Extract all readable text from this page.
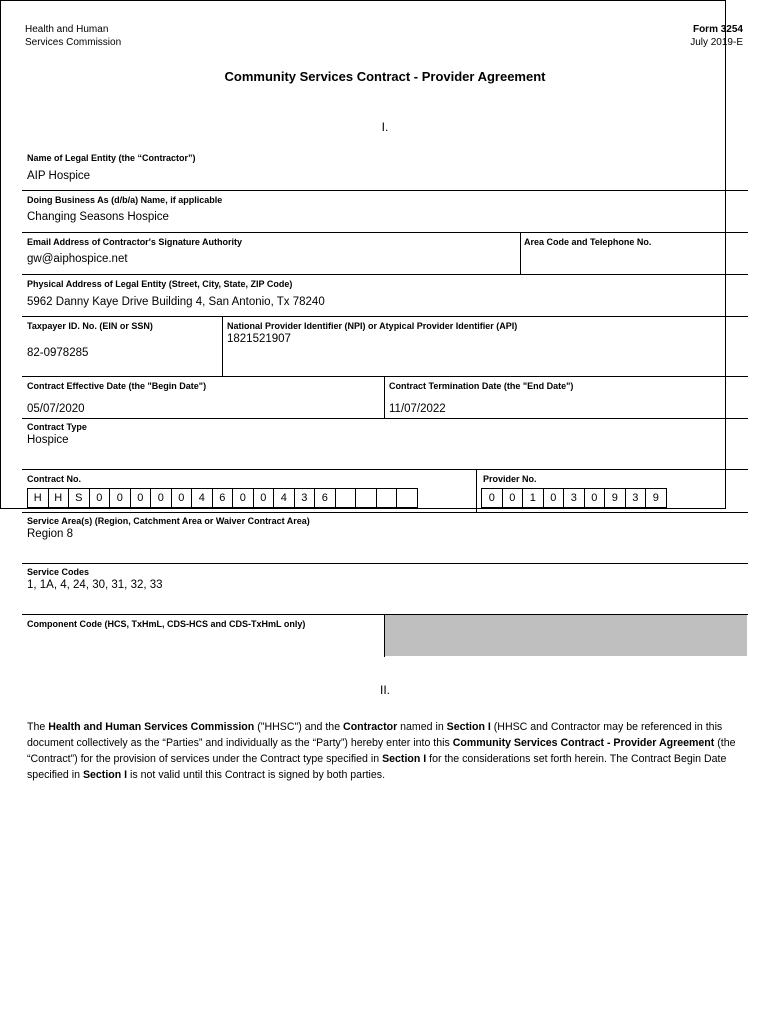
Health and Human
Services Commission
Form 3254
July 2019-E
Community Services Contract - Provider Agreement
I.
Name of Legal Entity (the “Contractor”)
AIP Hospice
Doing Business As (d/b/a) Name, if applicable
Changing Seasons Hospice
Email Address of Contractor's Signature Authority
gw@aiphospice.net
Area Code and Telephone No.
Physical Address of Legal Entity (Street, City, State, ZIP Code)
5962 Danny Kaye Drive Building 4, San Antonio, Tx 78240
Taxpayer ID. No. (EIN or SSN)
82-0978285
National Provider Identifier (NPI) or Atypical Provider Identifier (API)
1821521907
Contract Effective Date (the "Begin Date")
05/07/2020
Contract Termination Date (the "End Date")
11/07/2022
Contract Type
Hospice
Contract No.
H	H	S	0	0	0	0	0	4	6	0	0	4	3	6
Provider No.
0	0	1	0	3	0	9	3	9
Service Area(s) (Region, Catchment Area or Waiver Contract Area)
Region 8
Service Codes
1, 1A, 4, 24, 30, 31, 32, 33
Component Code (HCS, TxHmL, CDS-HCS and CDS-TxHmL only)
II.
The Health and Human Services Commission ("HHSC") and the Contractor named in Section I (HHSC and Contractor may be referenced in this document collectively as the “Parties” and individually as the “Party”) hereby enter into this Community Services Contract - Provider Agreement (the “Contract”) for the provision of services under the Contract type specified in Section I for the considerations set forth herein. The Contract Begin Date specified in Section I is not valid until this Contract is signed by both parties.
